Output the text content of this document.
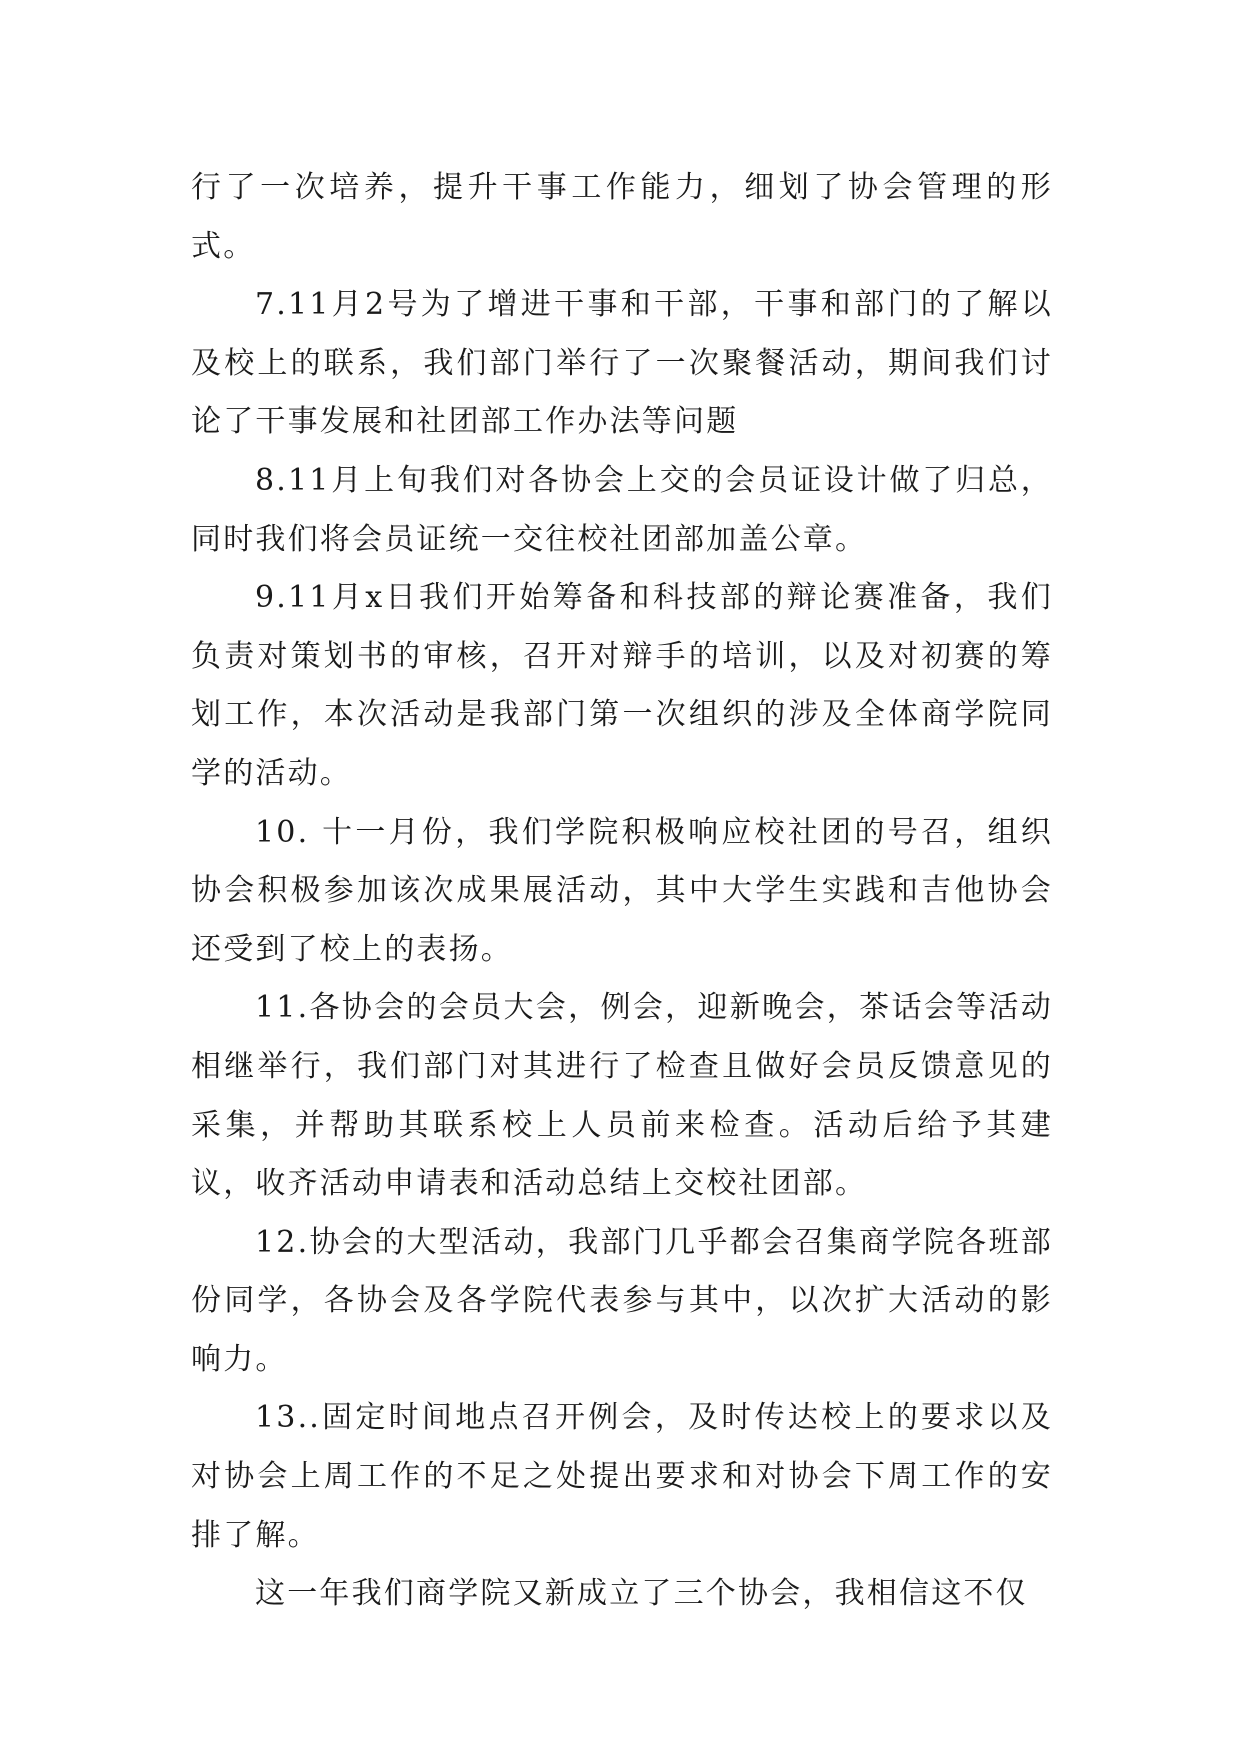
行了一次培养，提升干事工作能力，细划了协会管理的形式。

7.11月2号为了增进干事和干部，干事和部门的了解以及校上的联系，我们部门举行了一次聚餐活动，期间我们讨论了干事发展和社团部工作办法等问题

8.11月上旬我们对各协会上交的会员证设计做了归总，同时我们将会员证统一交往校社团部加盖公章。

9.11月x日我们开始筹备和科技部的辩论赛准备，我们负责对策划书的审核，召开对辩手的培训，以及对初赛的筹划工作，本次活动是我部门第一次组织的涉及全体商学院同学的活动。

10. 十一月份，我们学院积极响应校社团的号召，组织协会积极参加该次成果展活动，其中大学生实践和吉他协会还受到了校上的表扬。

11.各协会的会员大会，例会，迎新晚会，茶话会等活动相继举行，我们部门对其进行了检查且做好会员反馈意见的采集，并帮助其联系校上人员前来检查。活动后给予其建议，收齐活动申请表和活动总结上交校社团部。

12.协会的大型活动，我部门几乎都会召集商学院各班部份同学，各协会及各学院代表参与其中，以次扩大活动的影响力。

13..固定时间地点召开例会，及时传达校上的要求以及对协会上周工作的不足之处提出要求和对协会下周工作的安排了解。

这一年我们商学院又新成立了三个协会，我相信这不仅
